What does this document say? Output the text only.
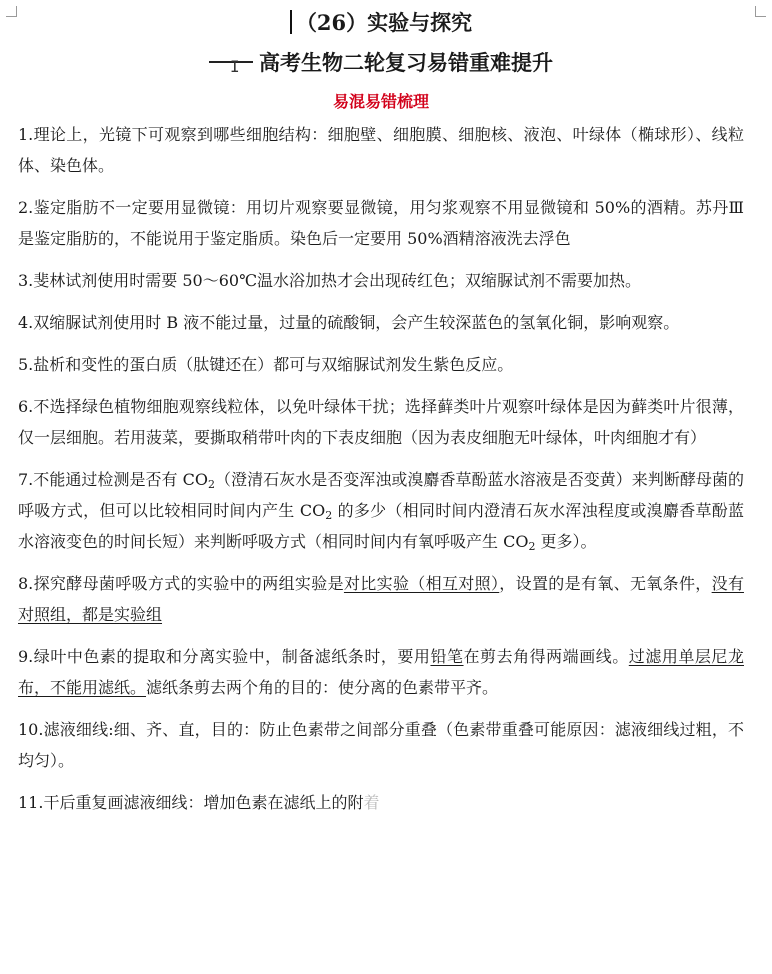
（26）实验与探究
高考生物二轮复习易错重难提升
I
易混易错梳理

1.理论上，光镜下可观察到哪些细胞结构：细胞壁、细胞膜、细胞核、液泡、叶绿体（椭球形）、线粒体、染色体。

2.鉴定脂肪不一定要用显微镜：用切片观察要显微镜，用匀浆观察不用显微镜和 50%的酒精。苏丹Ⅲ是鉴定脂肪的，不能说用于鉴定脂质。染色后一定要用 50%酒精溶液洗去浮色

3.斐林试剂使用时需要 50～60℃温水浴加热才会出现砖红色；双缩脲试剂不需要加热。

4.双缩脲试剂使用时 B 液不能过量，过量的硫酸铜，会产生较深蓝色的氢氧化铜，影响观察。

5.盐析和变性的蛋白质（肽键还在）都可与双缩脲试剂发生紫色反应。

6.不选择绿色植物细胞观察线粒体，以免叶绿体干扰；选择藓类叶片观察叶绿体是因为藓类叶片很薄，仅一层细胞。若用菠菜，要撕取稍带叶肉的下表皮细胞（因为表皮细胞无叶绿体，叶肉细胞才有）

7.不能通过检测是否有 $CO_2$（澄清石灰水是否变浑浊或溴麝香草酚蓝水溶液是否变黄）来判断酵母菌的呼吸方式，但可以比较相同时间内产生 $CO_2$ 的多少（相同时间内澄清石灰水浑浊程度或溴麝香草酚蓝水溶液变色的时间长短）来判断呼吸方式（相同时间内有氧呼吸产生 $CO_2$ 更多）。

8.探究酵母菌呼吸方式的实验中的两组实验是对比实验（相互对照），设置的是有氧、无氧条件，没有对照组，都是实验组

9.绿叶中色素的提取和分离实验中，制备滤纸条时，要用铅笔在剪去角得两端画线。过滤用单层尼龙布，不能用滤纸。滤纸条剪去两个角的目的：使分离的色素带平齐。

10.滤液细线:细、齐、直，目的：防止色素带之间部分重叠（色素带重叠可能原因：滤液细线过粗，不均匀）。

11.干后重复画滤液细线：增加色素在滤纸上的附着
